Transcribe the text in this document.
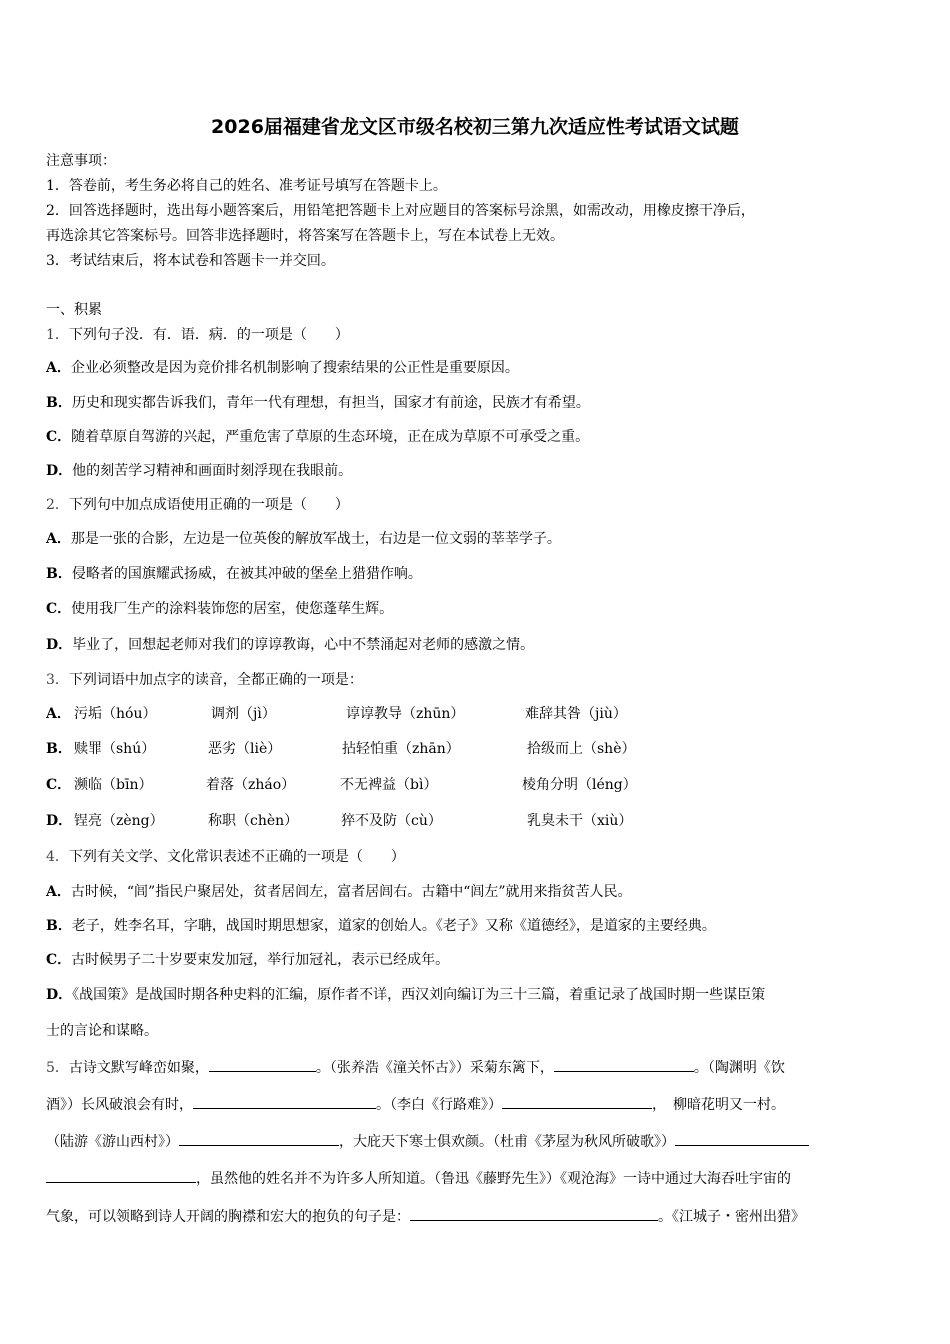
2026届福建省龙文区市级名校初三第九次适应性考试语文试题
注意事项：
1．答卷前，考生务必将自己的姓名、准考证号填写在答题卡上。
2．回答选择题时，选出每小题答案后，用铅笔把答题卡上对应题目的答案标号涂黑，如需改动，用橡皮擦干净后，
再选涂其它答案标号。回答非选择题时，将答案写在答题卡上，写在本试卷上无效。
3．考试结束后，将本试卷和答题卡一并交回。
一、积累
1．下列句子没．有．语．病．的一项是（　　）
A．企业必须整改是因为竞价排名机制影响了搜索结果的公正性是重要原因。
B．历史和现实都告诉我们，青年一代有理想，有担当，国家才有前途，民族才有希望。
C．随着草原自驾游的兴起，严重危害了草原的生态环境，正在成为草原不可承受之重。
D．他的刻苦学习精神和画面时刻浮现在我眼前。
2．下列句中加点成语使用正确的一项是（　　）
A．那是一张的合影，左边是一位英俊的解放军战士，右边是一位文弱的莘莘学子。
B．侵略者的国旗耀武扬威，在被其冲破的堡垒上猎猎作响。
C．使用我厂生产的涂料装饰您的居室，使您蓬荜生辉。
D．毕业了，回想起老师对我们的谆谆教诲，心中不禁涌起对老师的感激之情。
3．下列词语中加点字的读音，全都正确的一项是：
A． 污垢（hóu）	调剂（jì）	谆谆教导（zhūn）	难辞其咎（jiù）
B． 赎罪（shú）	恶劣（liè）	拈轻怕重（zhān）	拾级而上（shè）
C． 濒临（bīn）	着落（zháo）	不无裨益（bì）	棱角分明（léng）
D． 锃亮（zèng）	称职（chèn）	猝不及防（cù）	乳臭未干（xiù）
4．下列有关文学、文化常识表述不正确的一项是（　　）
A．古时候，“闾”指民户聚居处，贫者居闾左，富者居闾右。古籍中“闾左”就用来指贫苦人民。
B．老子，姓李名耳，字聃，战国时期思想家，道家的创始人。《老子》又称《道德经》，是道家的主要经典。
C．古时候男子二十岁要束发加冠，举行加冠礼，表示已经成年。
D．《战国策》是战国时期各种史料的汇编，原作者不详，西汉刘向编订为三十三篇，着重记录了战国时期一些谋臣策
士的言论和谋略。
5．古诗文默写峰峦如聚，	。（张养浩《潼关怀古》）采菊东篱下，	。（陶渊明《饮
酒》）长风破浪会有时，	。（李白《行路难》）	，　柳暗花明又一村。
（陆游《游山西村》）	，大庇天下寒士俱欢颜。（杜甫《茅屋为秋风所破歌》）
，虽然他的姓名并不为许多人所知道。（鲁迅《藤野先生》）《观沧海》一诗中通过大海吞吐宇宙的
气象，可以领略到诗人开阔的胸襟和宏大的抱负的句子是：	。《江城子・密州出猎》
